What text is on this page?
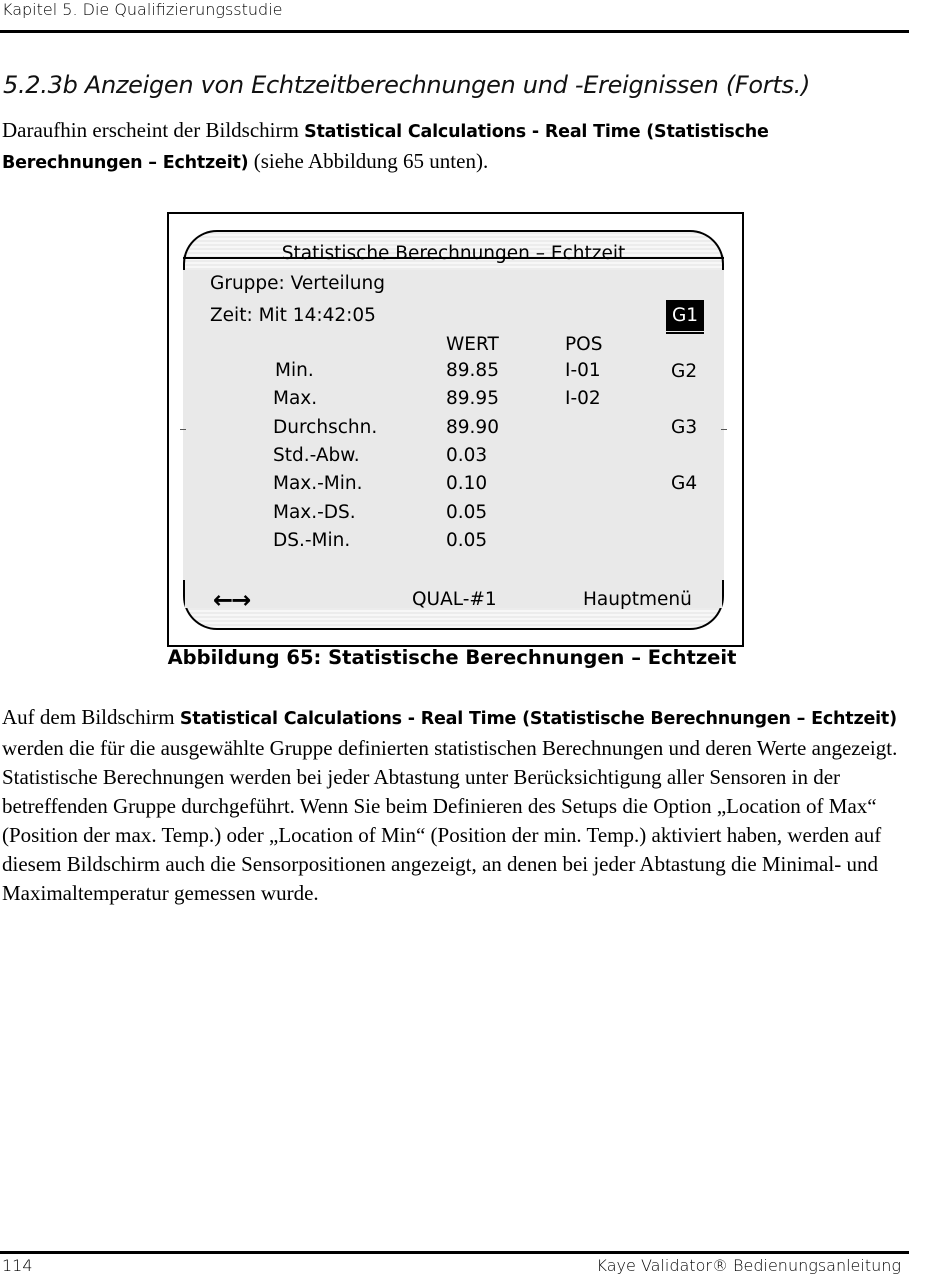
Kapitel 5. Die Qualifizierungsstudie
5.2.3b Anzeigen von Echtzeitberechnungen und -Ereignissen (Forts.)

Daraufhin erscheint der Bildschirm Statistical Calculations - Real Time (Statistische Berechnungen – Echtzeit) (siehe Abbildung 65 unten).

Statistische Berechnungen – Echtzeit
Gruppe: Verteilung
Zeit: Mit 14:42:05
WERT	POS
Min.	89.85	I-01
Max.	89.95	I-02
Durchschn.	89.90
Std.-Abw.	0.03
Max.-Min.	0.10
Max.-DS.	0.05
DS.-Min.	0.05
G1
G2
G3
G4
←→	QUAL-#1	Hauptmenü
Abbildung 65: Statistische Berechnungen – Echtzeit

Auf dem Bildschirm Statistical Calculations - Real Time (Statistische Berechnungen – Echtzeit) werden die für die ausgewählte Gruppe definierten statistischen Berechnungen und deren Werte angezeigt. Statistische Berechnungen werden bei jeder Abtastung unter Berücksichtigung aller Sensoren in der betreffenden Gruppe durchgeführt. Wenn Sie beim Definieren des Setups die Option „Location of Max“ (Position der max. Temp.) oder „Location of Min“ (Position der min. Temp.) aktiviert haben, werden auf diesem Bildschirm auch die Sensorpositionen angezeigt, an denen bei jeder Abtastung die Minimal- und Maximaltemperatur gemessen wurde.

114	Kaye Validator® Bedienungsanleitung
